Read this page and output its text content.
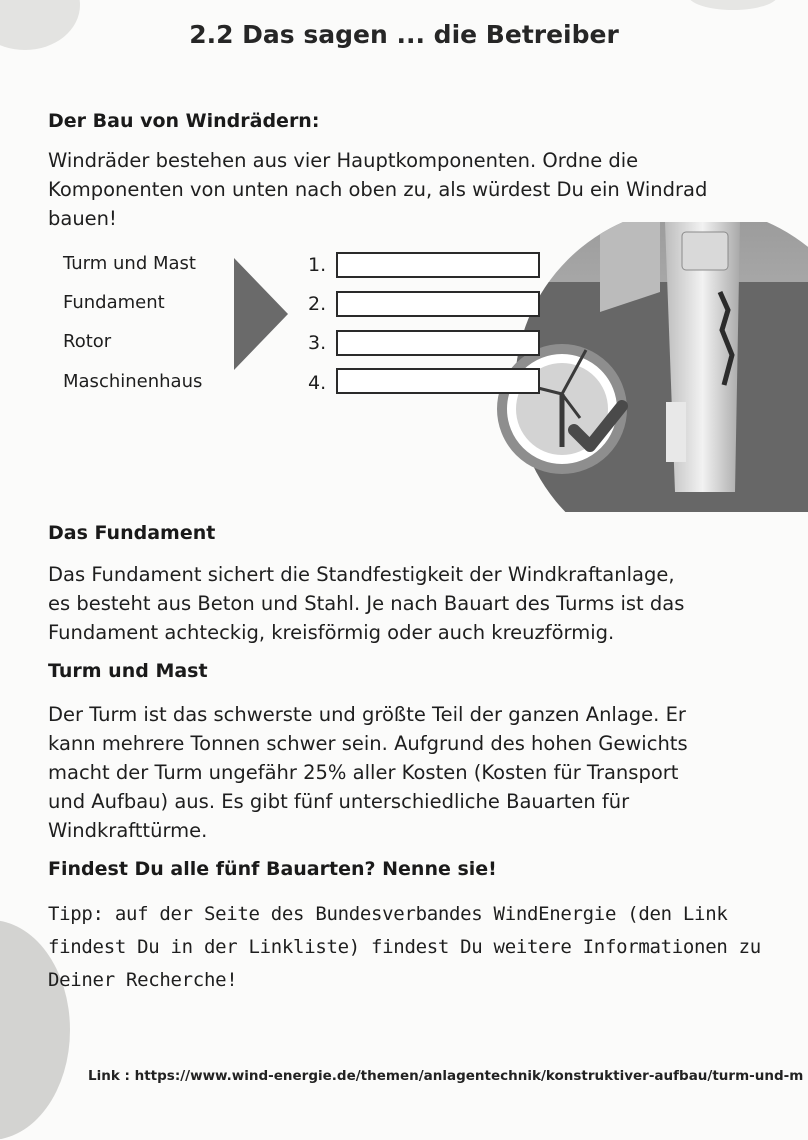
2.2 Das sagen ... die Betreiber
Der Bau von Windrädern:
Windräder bestehen aus vier Hauptkomponenten. Ordne die
Komponenten von unten nach oben zu, als würdest Du ein Windrad
bauen!
Turm und Mast
Fundament
Rotor
Maschinenhaus
1.
2.
3.
4.
Das Fundament
Das Fundament sichert die Standfestigkeit der Windkraftanlage,
es besteht aus Beton und Stahl. Je nach Bauart des Turms ist das
Fundament achteckig, kreisförmig oder auch kreuzförmig.
Turm und Mast
Der Turm ist das schwerste und größte Teil der ganzen Anlage. Er
kann mehrere Tonnen schwer sein. Aufgrund des hohen Gewichts
macht der Turm ungefähr 25% aller Kosten (Kosten für Transport
und Aufbau) aus. Es gibt fünf unterschiedliche Bauarten für
Windkrafttürme.
Findest Du alle fünf Bauarten? Nenne sie!
Tipp: auf der Seite des Bundesverbandes WindEnergie (den Link
findest Du in der Linkliste) findest Du weitere Informationen zu
Deiner Recherche!
Link : https://www.wind-energie.de/themen/anlagentechnik/konstruktiver-aufbau/turm-und-m
